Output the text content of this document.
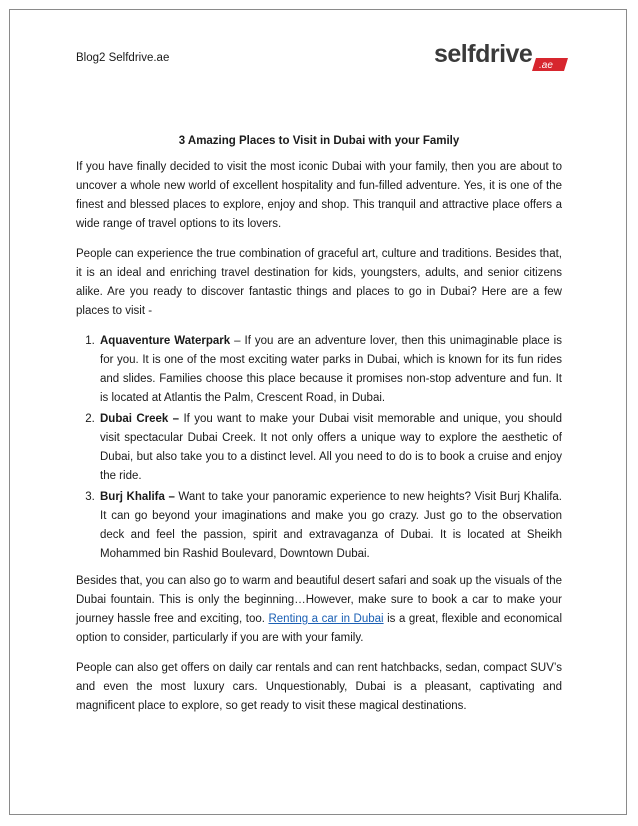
Blog2 Selfdrive.ae	selfdrive .ae
3 Amazing Places to Visit in Dubai with your Family

If you have finally decided to visit the most iconic Dubai with your family, then you are about to uncover a whole new world of excellent hospitality and fun-filled adventure. Yes, it is one of the finest and blessed places to explore, enjoy and shop. This tranquil and attractive place offers a wide range of travel options to its lovers.

People can experience the true combination of graceful art, culture and traditions. Besides that, it is an ideal and enriching travel destination for kids, youngsters, adults, and senior citizens alike. Are you ready to discover fantastic things and places to go in Dubai? Here are a few places to visit -

1. Aquaventure Waterpark – If you are an adventure lover, then this unimaginable place is for you. It is one of the most exciting water parks in Dubai, which is known for its fun rides and slides. Families choose this place because it promises non-stop adventure and fun. It is located at Atlantis the Palm, Crescent Road, in Dubai.
2. Dubai Creek – If you want to make your Dubai visit memorable and unique, you should visit spectacular Dubai Creek. It not only offers a unique way to explore the aesthetic of Dubai, but also take you to a distinct level. All you need to do is to book a cruise and enjoy the ride.
3. Burj Khalifa – Want to take your panoramic experience to new heights? Visit Burj Khalifa. It can go beyond your imaginations and make you go crazy. Just go to the observation deck and feel the passion, spirit and extravaganza of Dubai. It is located at Sheikh Mohammed bin Rashid Boulevard, Downtown Dubai.

Besides that, you can also go to warm and beautiful desert safari and soak up the visuals of the Dubai fountain. This is only the beginning…However, make sure to book a car to make your journey hassle free and exciting, too. Renting a car in Dubai is a great, flexible and economical option to consider, particularly if you are with your family.

People can also get offers on daily car rentals and can rent hatchbacks, sedan, compact SUV’s and even the most luxury cars. Unquestionably, Dubai is a pleasant, captivating and magnificent place to explore, so get ready to visit these magical destinations.
